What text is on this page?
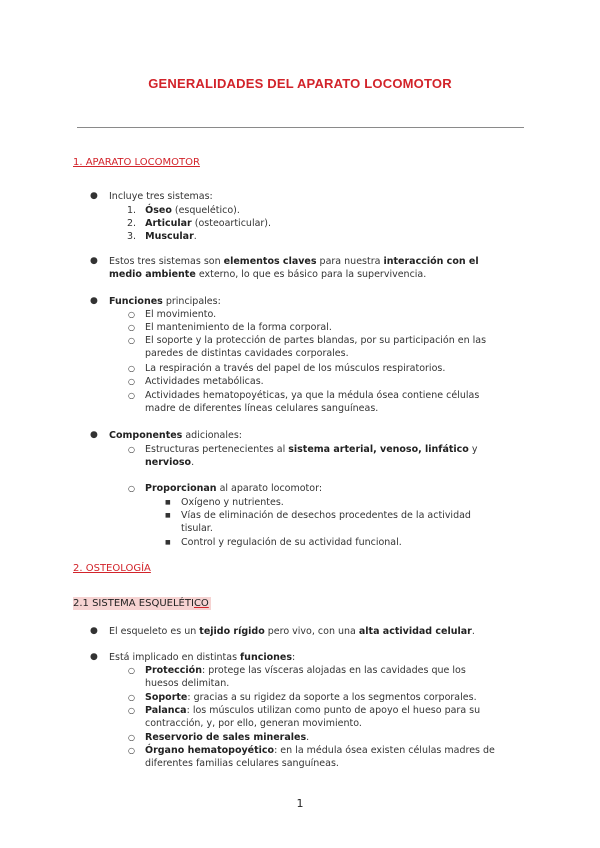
GENERALIDADES DEL APARATO LOCOMOTOR
1. APARATO LOCOMOTOR
● Incluye tres sistemas:
1. Óseo (esquelético).
2. Articular (osteoarticular).
3. Muscular.
● Estos tres sistemas son elementos claves para nuestra interacción con el
medio ambiente externo, lo que es básico para la supervivencia.
● Funciones principales:
○ El movimiento.
○ El mantenimiento de la forma corporal.
○ El soporte y la protección de partes blandas, por su participación en las
paredes de distintas cavidades corporales.
○ La respiración a través del papel de los músculos respiratorios.
○ Actividades metabólicas.
○ Actividades hematopoyéticas, ya que la médula ósea contiene células
madre de diferentes líneas celulares sanguíneas.
● Componentes adicionales:
○ Estructuras pertenecientes al sistema arterial, venoso, linfático y
nervioso.
○ Proporcionan al aparato locomotor:
■ Oxígeno y nutrientes.
■ Vías de eliminación de desechos procedentes de la actividad
tisular.
■ Control y regulación de su actividad funcional.
2. OSTEOLOGÍA
2.1 SISTEMA ESQUELÉTICO
● El esqueleto es un tejido rígido pero vivo, con una alta actividad celular.
● Está implicado en distintas funciones:
○ Protección: protege las vísceras alojadas en las cavidades que los
huesos delimitan.
○ Soporte: gracias a su rigidez da soporte a los segmentos corporales.
○ Palanca: los músculos utilizan como punto de apoyo el hueso para su
contracción, y, por ello, generan movimiento.
○ Reservorio de sales minerales.
○ Órgano hematopoyético: en la médula ósea existen células madres de
diferentes familias celulares sanguíneas.
1
